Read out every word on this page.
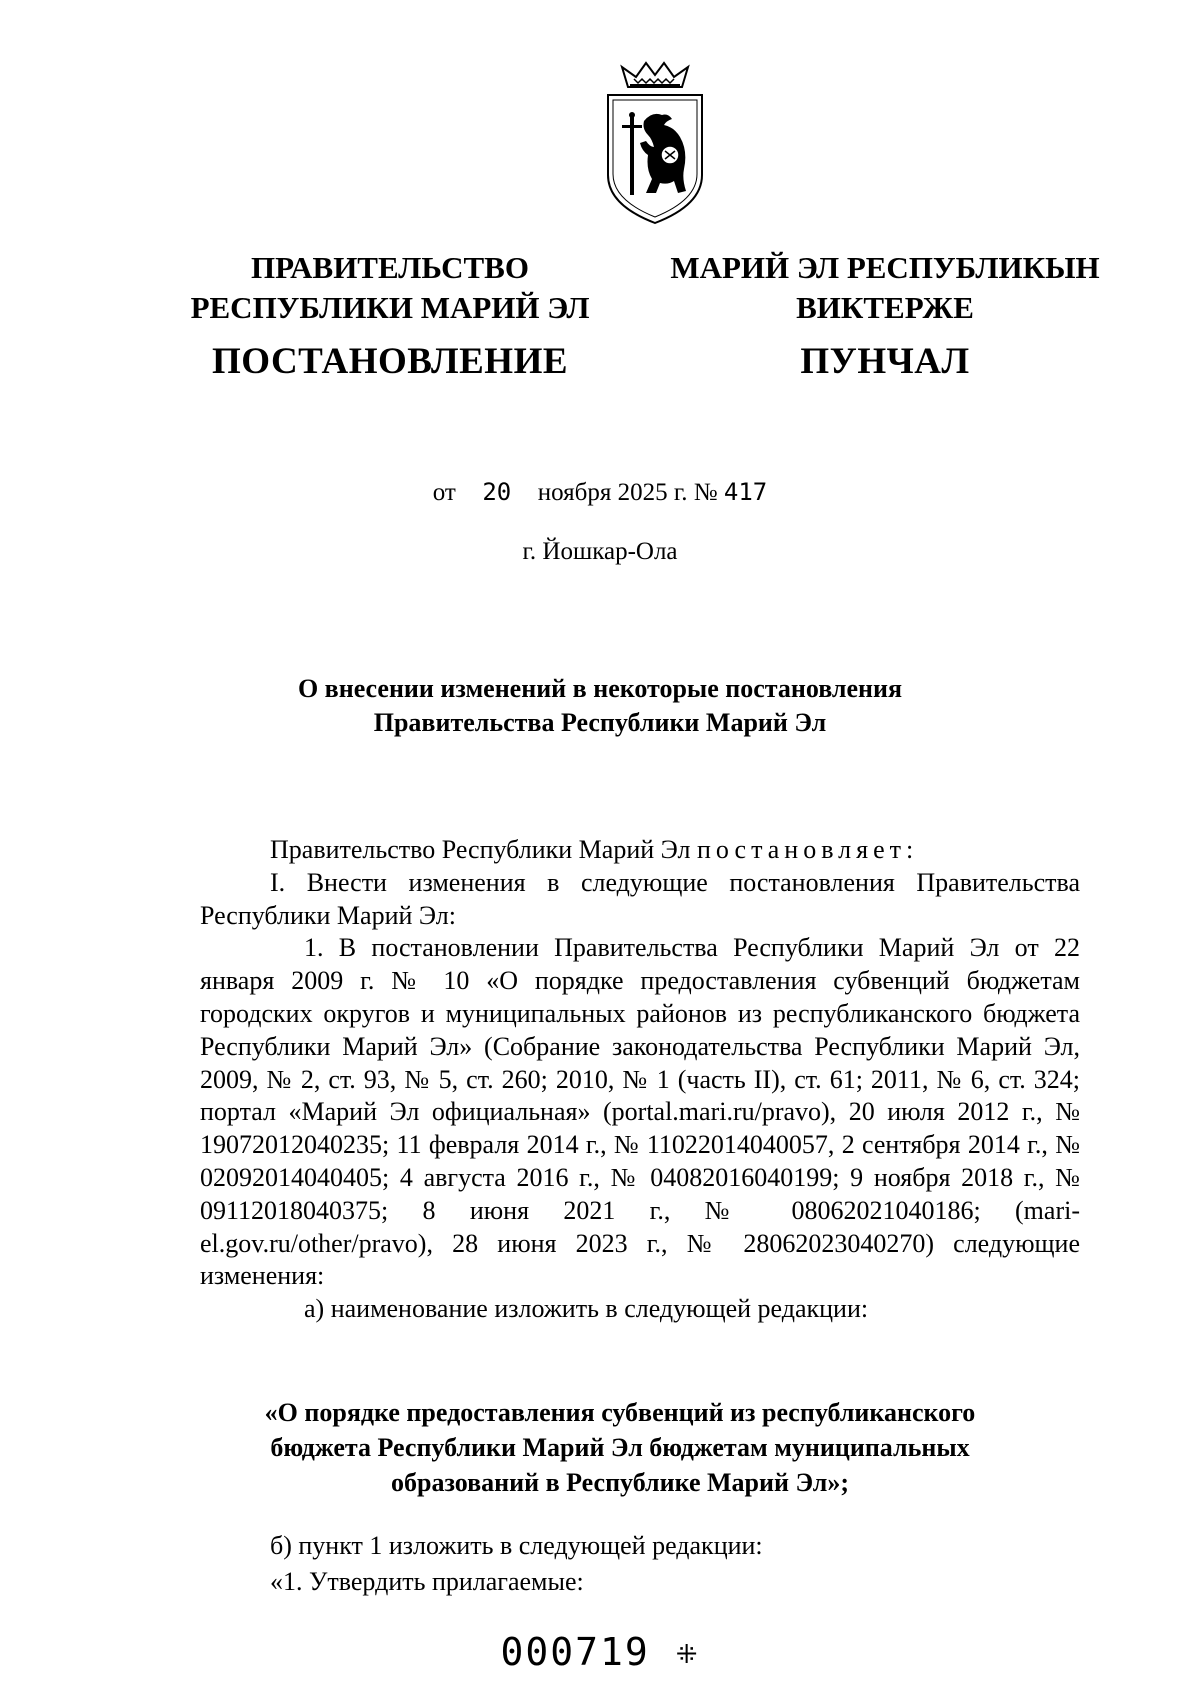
ПРАВИТЕЛЬСТВО
РЕСПУБЛИКИ МАРИЙ ЭЛ
ПОСТАНОВЛЕНИЕ
МАРИЙ ЭЛ РЕСПУБЛИКЫН
ВИКТЕРЖЕ
ПУНЧАЛ
от 20 ноября 2025 г. № 417
г. Йошкар-Ола
О внесении изменений в некоторые постановления
Правительства Республики Марий Эл

Правительство Республики Марий Эл постановляет:

I. Внести изменения в следующие постановления Правительства Республики Марий Эл:

1. В постановлении Правительства Республики Марий Эл от 22 января 2009 г. № 10 «О порядке предоставления субвенций бюджетам городских округов и муниципальных районов из республиканского бюджета Республики Марий Эл» (Собрание законодательства Республики Марий Эл, 2009, № 2, ст. 93, № 5, ст. 260; 2010, № 1 (часть II), ст. 61; 2011, № 6, ст. 324; портал «Марий Эл официальная» (portal.mari.ru/pravo), 20 июля 2012 г., № 19072012040235; 11 февраля 2014 г., № 11022014040057, 2 сентября 2014 г., № 02092014040405; 4 августа 2016 г., № 04082016040199; 9 ноября 2018 г., № 09112018040375; 8 июня 2021 г., № 08062021040186; (mari-el.gov.ru/other/pravo), 28 июня 2023 г., № 28062023040270) следующие изменения:

а) наименование изложить в следующей редакции:

«О порядке предоставления субвенций из республиканского
бюджета Республики Марий Эл бюджетам муниципальных
образований в Республике Марий Эл»;

б) пункт 1 изложить в следующей редакции:

«1. Утвердить прилагаемые:

000719 ⁜
